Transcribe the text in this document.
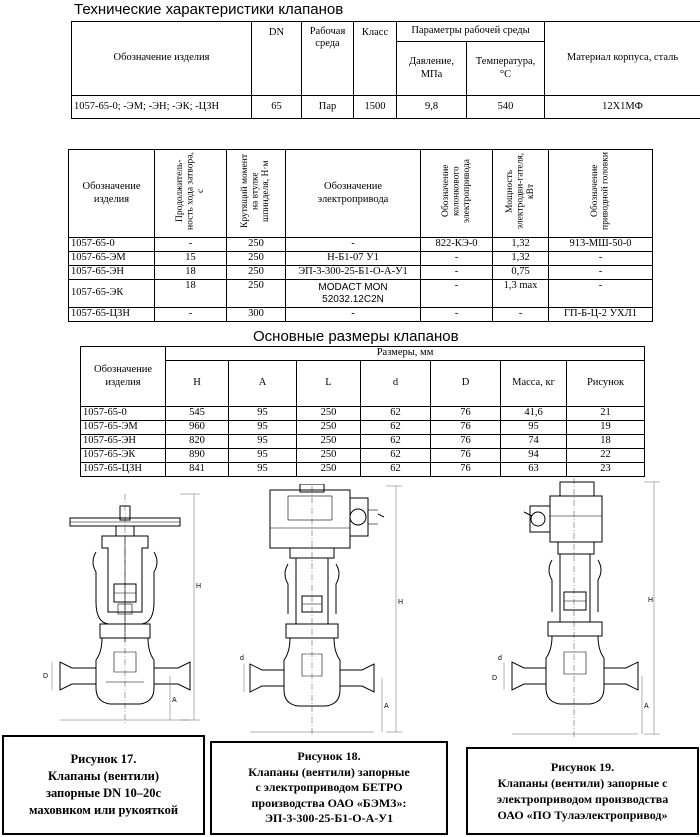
Технические характеристики клапанов
Обозначение изделия	DN	Рабочая среда	Класс	Параметры рабочей среды		Материал корпуса, сталь
				Давление, МПа	Температура, °С	
1057-65-0; -ЭМ; -ЭН; -ЭК; -ЦЗН	65	Пар	1500	9,8	540	12Х1МФ
Обозначение изделия	Продолжитель-ность хода затвора, с	Крутящий момент на втулке шпинделя, Н·м	Обозначение электропривода	Обозначение колонкового электропривода	Мощность электродви-гателя, кВт	Обозначение приводной головки
1057-65-0	-	250	-	822-КЭ-0	1,32	913-МШ-50-0
1057-65-ЭМ	15	250	Н-Б1-07 У1	-	1,32	-
1057-65-ЭН	18	250	ЭП-3-300-25-Б1-О-А-У1	-	0,75	-
1057-65-ЭК	18	250	MODACT MON 52032.12C2N	-	1,3 max	-
1057-65-ЦЗН	-	300	-	-	-	ГП-Б-Ц-2 УХЛ1
Основные размеры клапанов
Обозначение изделия	Размеры, мм						
	H	A	L	d	D	Масса, кг	Рисунок
1057-65-0	545	95	250	62	76	41,6	21
1057-65-ЭМ	960	95	250	62	76	95	19
1057-65-ЭН	820	95	250	62	76	74	18
1057-65-ЭК	890	95	250	62	76	94	22
1057-65-ЦЗН	841	95	250	62	76	63	23
H
A
D
H
A
d
H
A
d
D
Рисунок 17.
Клапаны (вентили)
запорные DN 10–20с
маховиком или рукояткой
Рисунок 18.
Клапаны (вентили) запорные
с электроприводом БЕТРО
производства ОАО «БЭМЗ»:
ЭП-3-300-25-Б1-О-А-У1
Рисунок 19.
Клапаны (вентили) запорные с
электроприводом производства
ОАО «ПО Тулаэлектропривод»
